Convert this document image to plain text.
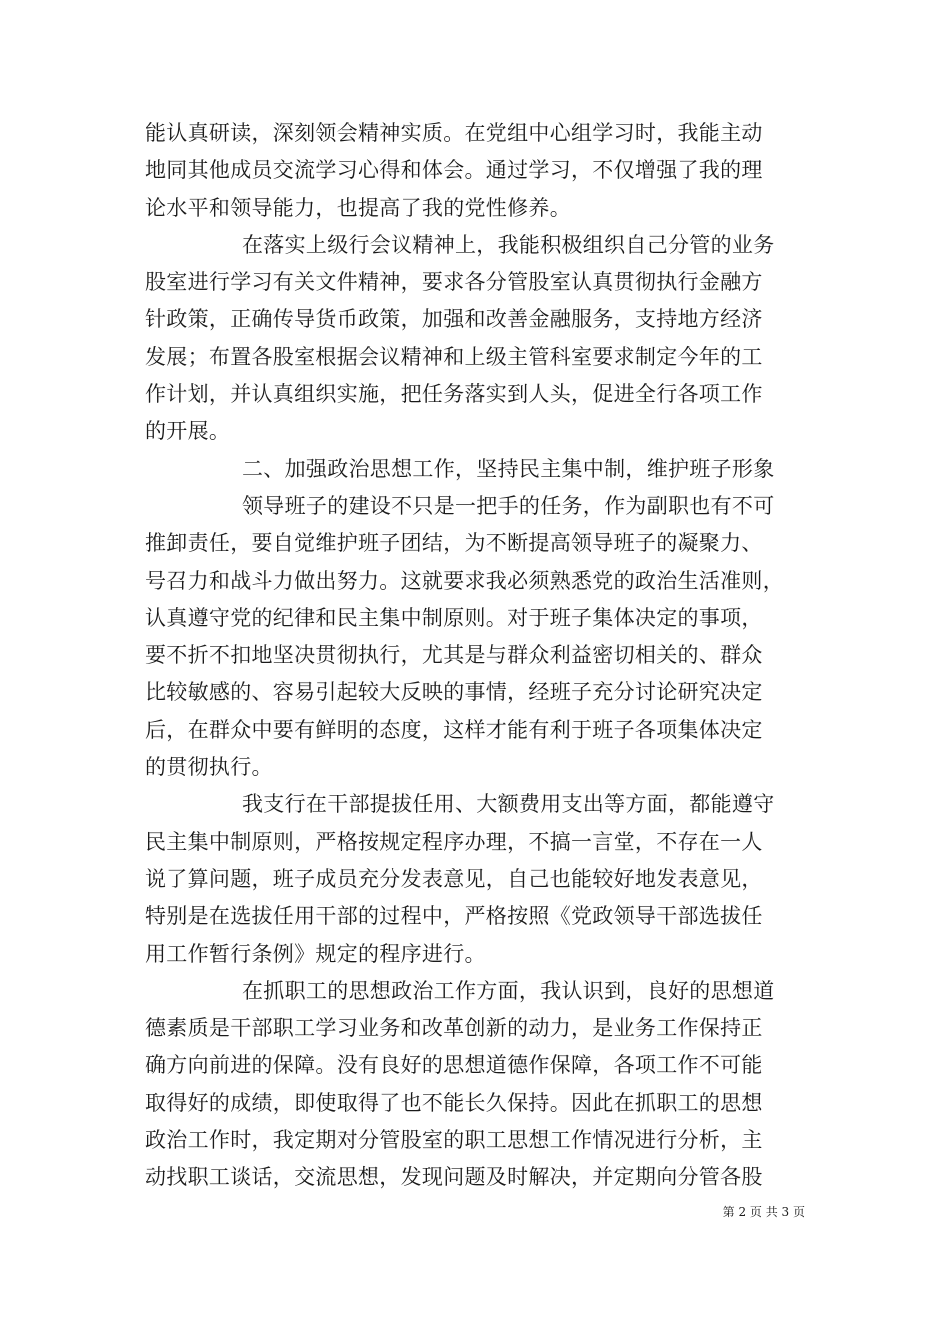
能认真研读，深刻领会精神实质。在党组中心组学习时，我能主动
地同其他成员交流学习心得和体会。通过学习，不仅增强了我的理
论水平和领导能力，也提高了我的党性修养。
在落实上级行会议精神上，我能积极组织自己分管的业务
股室进行学习有关文件精神，要求各分管股室认真贯彻执行金融方
针政策，正确传导货币政策，加强和改善金融服务，支持地方经济
发展；布置各股室根据会议精神和上级主管科室要求制定今年的工
作计划，并认真组织实施，把任务落实到人头，促进全行各项工作
的开展。
二、加强政治思想工作，坚持民主集中制，维护班子形象
领导班子的建设不只是一把手的任务，作为副职也有不可
推卸责任，要自觉维护班子团结，为不断提高领导班子的凝聚力、
号召力和战斗力做出努力。这就要求我必须熟悉党的政治生活准则，
认真遵守党的纪律和民主集中制原则。对于班子集体决定的事项，
要不折不扣地坚决贯彻执行，尤其是与群众利益密切相关的、群众
比较敏感的、容易引起较大反映的事情，经班子充分讨论研究决定
后，在群众中要有鲜明的态度，这样才能有利于班子各项集体决定
的贯彻执行。
我支行在干部提拔任用、大额费用支出等方面，都能遵守
民主集中制原则，严格按规定程序办理，不搞一言堂，不存在一人
说了算问题，班子成员充分发表意见，自己也能较好地发表意见，
特别是在选拔任用干部的过程中，严格按照《党政领导干部选拔任
用工作暂行条例》规定的程序进行。
在抓职工的思想政治工作方面，我认识到，良好的思想道
德素质是干部职工学习业务和改革创新的动力，是业务工作保持正
确方向前进的保障。没有良好的思想道德作保障，各项工作不可能
取得好的成绩，即使取得了也不能长久保持。因此在抓职工的思想
政治工作时，我定期对分管股室的职工思想工作情况进行分析，主
动找职工谈话，交流思想，发现问题及时解决，并定期向分管各股
第 2 页 共 3 页
